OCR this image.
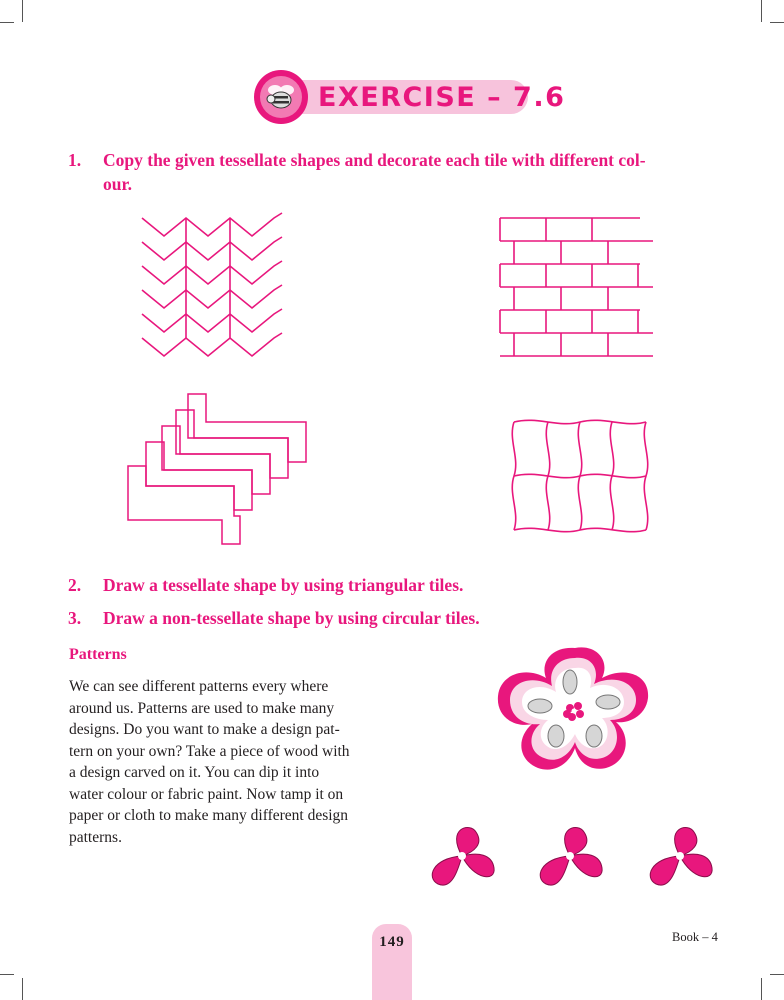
EXERCISE – 7.6
1. Copy the given tessellate shapes and decorate each tile with different col-
our.
2. Draw a tessellate shape by using triangular tiles.
3. Draw a non-tessellate shape by using circular tiles.
Patterns
We can see different patterns every where
around us. Patterns are used to make many
designs. Do you want to make a design pat-
tern on your own? Take a piece of wood with
a design carved on it. You can dip it into
water colour or fabric paint. Now tamp it on
paper or cloth to make many different design
patterns.
149	Book – 4
